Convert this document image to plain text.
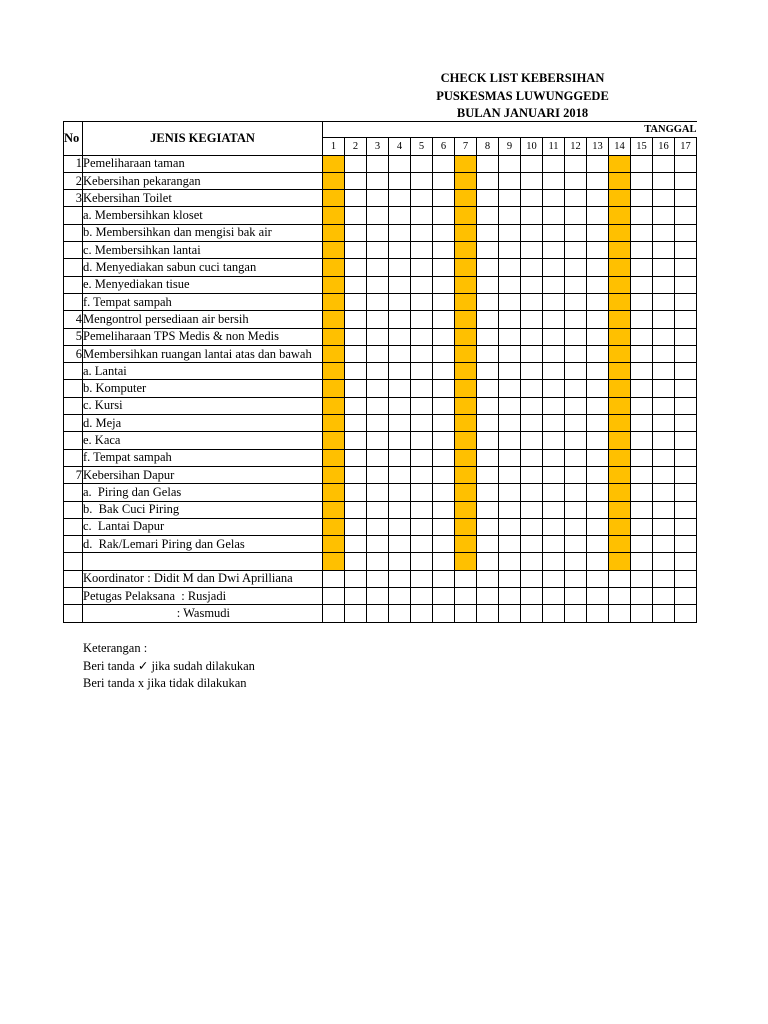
CHECK LIST KEBERSIHAN
PUSKESMAS LUWUNGGEDE
BULAN JANUARI 2018
No	JENIS KEGIATAN	TANGGAL																
		1	2	3	4	5	6	7	8	9	10	11	12	13	14	15	16	17
1	Pemeliharaan taman																	
2	Kebersihan pekarangan																	
3	Kebersihan Toilet																	
	a. Membersihkan kloset																	
	b. Membersihkan dan mengisi bak air																	
	c. Membersihkan lantai																	
	d. Menyediakan sabun cuci tangan																	
	e. Menyediakan tisue																	
	f. Tempat sampah																	
4	Mengontrol persediaan air bersih																	
5	Pemeliharaan TPS Medis & non Medis																	
6	Membersihkan ruangan lantai atas dan bawah																	
	a. Lantai																	
	b. Komputer																	
	c. Kursi																	
	d. Meja																	
	e. Kaca																	
	f. Tempat sampah																	
7	Kebersihan Dapur																	
	a.  Piring dan Gelas																	
	b.  Bak Cuci Piring																	
	c.  Lantai Dapur																	
	d.  Rak/Lemari Piring dan Gelas																	

	Koordinator : Didit M dan Dwi Aprilliana																	
	Petugas Pelaksana  : Rusjadi																	
	: Wasmudi																	
Keterangan :
Beri tanda ✓ jika sudah dilakukan
Beri tanda x jika tidak dilakukan
